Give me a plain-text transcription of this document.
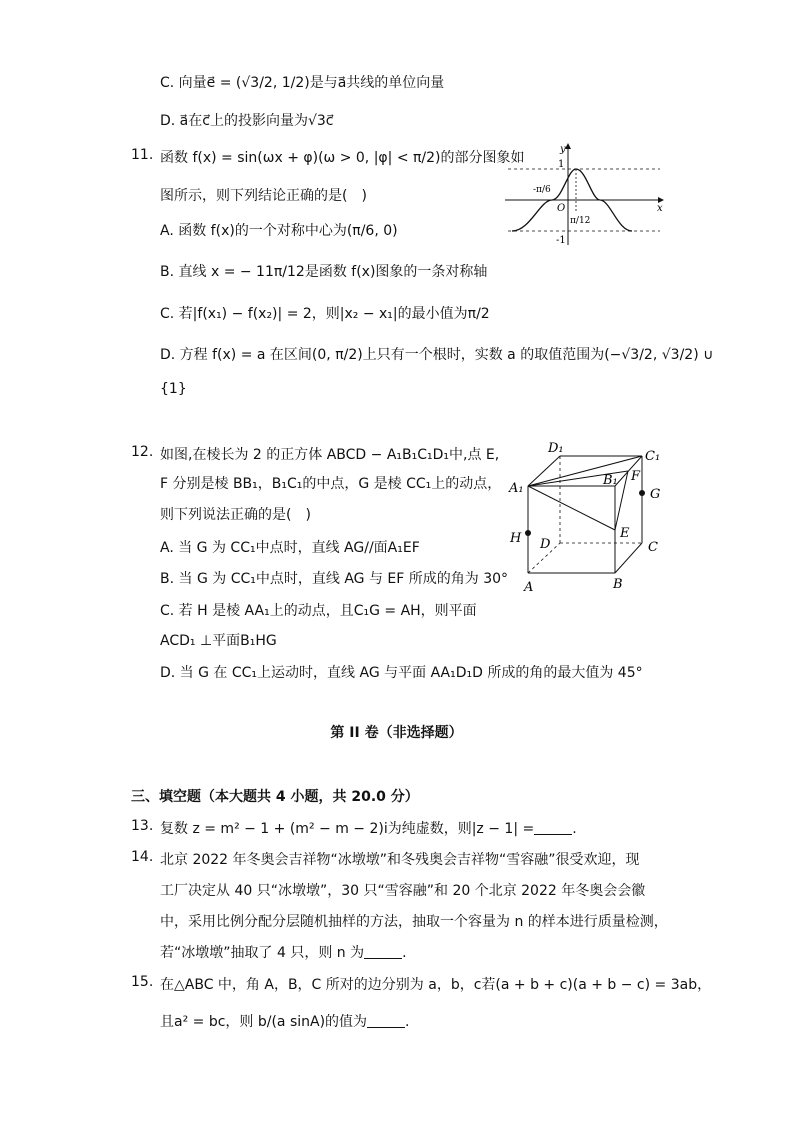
C. 向量e⃗ = (√3/2, 1/2)是与a⃗共线的单位向量
D. a⃗在c⃗上的投影向量为√3c⃗
11. 函数 f(x) = sin(ωx + φ)(ω > 0, |φ| < π/2)的部分图象如
图所示，则下列结论正确的是(　)
A. 函数 f(x)的一个对称中心为(π/6, 0)
B. 直线 x = − 11π/12是函数 f(x)图象的一条对称轴
C. 若|f(x₁) − f(x₂)| = 2，则|x₂ − x₁|的最小值为π/2
D. 方程 f(x) = a 在区间(0, π/2)上只有一个根时，实数 a 的取值范围为(−√3/2, √3/2) ∪
{1}
y
x
O
1
-1
-π/6
π/12
12. 如图,在棱长为 2 的正方体 ABCD − A₁B₁C₁D₁中,点 E,
F 分别是棱 BB₁，B₁C₁的中点，G 是棱 CC₁上的动点，
则下列说法正确的是(　)
A. 当 G 为 CC₁中点时，直线 AG//面A₁EF
B. 当 G 为 CC₁中点时，直线 AG 与 EF 所成的角为 30°
C. 若 H 是棱 AA₁上的动点，且C₁G = AH，则平面
ACD₁ ⊥平面B₁HG
D. 当 G 在 CC₁上运动时，直线 AG 与平面 AA₁D₁D 所成的角的最大值为 45°
D₁
C₁
A₁
B₁ F
G
H D
E
C
A	B
第 II 卷（非选择题）
三、填空题（本大题共 4 小题，共 20.0 分）
13. 复数 z = m² − 1 + (m² − m − 2)i为纯虚数，则|z − 1| =	.
14. 北京 2022 年冬奥会吉祥物“冰墩墩”和冬残奥会吉祥物“雪容融”很受欢迎，现
工厂决定从 40 只“冰墩墩”，30 只“雪容融”和 20 个北京 2022 年冬奥会会徽
中，采用比例分配分层随机抽样的方法，抽取一个容量为 n 的样本进行质量检测，
若“冰墩墩”抽取了 4 只，则 n 为	.
15. 在△ABC 中，角 A，B，C 所对的边分别为 a，b，c若(a + b + c)(a + b − c) = 3ab，
且a² = bc，则 b/(a sinA)的值为	.
